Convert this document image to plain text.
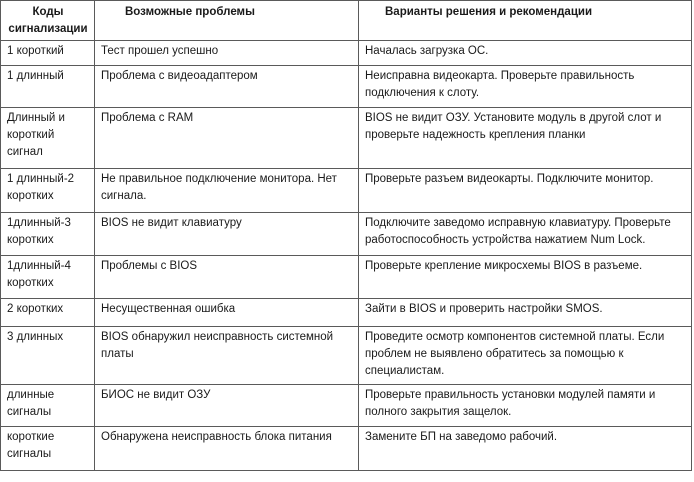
Коды сигнализации	Возможные проблемы	Варианты решения и рекомендации
1 короткий	Тест прошел успешно	Началась загрузка ОС.
1 длинный	Проблема с видеоадаптером	Неисправна видеокарта. Проверьте правильность подключения к слоту.
Длинный и короткий сигнал	Проблема с RAM	BIOS не видит ОЗУ. Установите модуль в другой слот и проверьте надежность крепления планки
1 длинный-2 коротких	Не правильное подключение монитора. Нет сигнала.	Проверьте разъем видеокарты. Подключите монитор.
1длинный-3 коротких	BIOS не видит клавиатуру	Подключите заведомо исправную клавиатуру. Проверьте работоспособность устройства нажатием Num Lock.
1длинный-4 коротких	Проблемы с BIOS	Проверьте крепление микросхемы BIOS в разъеме.
2 коротких	Несущественная ошибка	Зайти в BIOS и проверить настройки SMOS.
3 длинных	BIOS обнаружил неисправность системной платы	Проведите осмотр компонентов системной платы. Если проблем не выявлено обратитесь за помощью к специалистам.
длинные сигналы	БИОС не видит ОЗУ	Проверьте правильность установки модулей памяти и полного закрытия защелок.
короткие сигналы	Обнаружена неисправность блока питания	Замените БП на заведомо рабочий.
